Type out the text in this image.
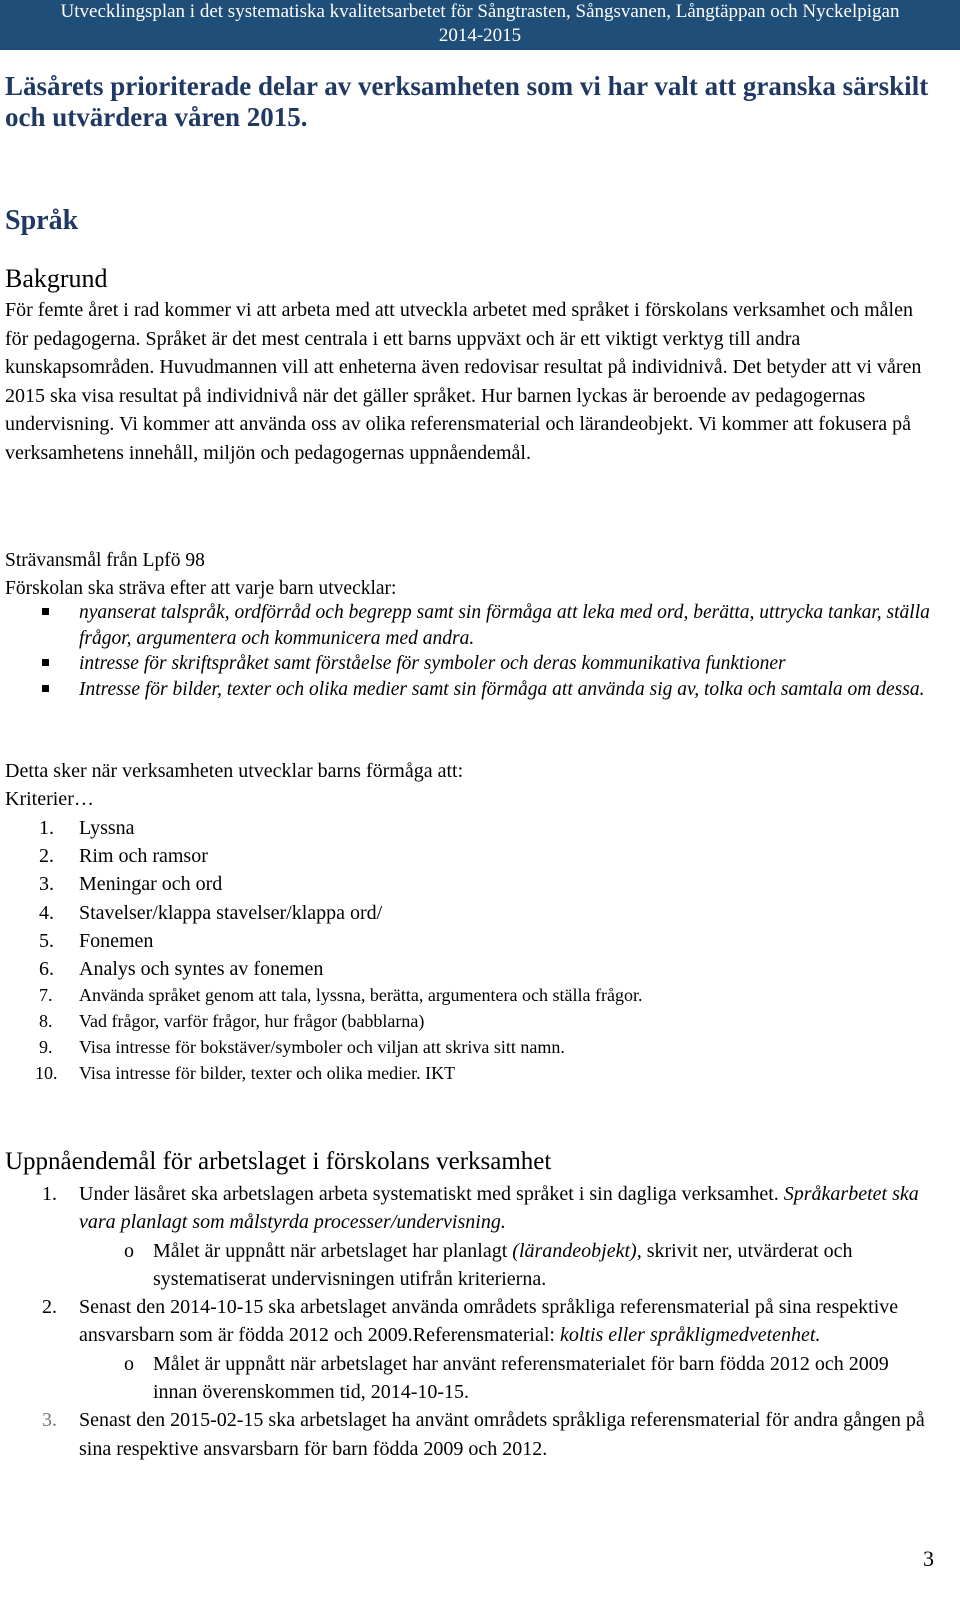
Utvecklingsplan i det systematiska kvalitetsarbetet för Sångtrasten, Sångsvanen, Långtäppan och Nyckelpigan
2014-2015
Läsårets prioriterade delar av verksamheten som vi har valt att granska särskilt och utvärdera våren 2015.
Språk
Bakgrund
För femte året i rad kommer vi att arbeta med att utveckla arbetet med språket i förskolans verksamhet och målen för pedagogerna. Språket är det mest centrala i ett barns uppväxt och är ett viktigt verktyg till andra kunskapsområden. Huvudmannen vill att enheterna även redovisar resultat på individnivå. Det betyder att vi våren 2015 ska visa resultat på individnivå när det gäller språket. Hur barnen lyckas är beroende av pedagogernas undervisning. Vi kommer att använda oss av olika referensmaterial och lärandeobjekt. Vi kommer att fokusera på verksamhetens innehåll, miljön och pedagogernas uppnåendemål.
Strävansmål från Lpfö 98
Förskolan ska sträva efter att varje barn utvecklar:
nyanserat talspråk, ordförråd och begrepp samt sin förmåga att leka med ord, berätta, uttrycka tankar, ställa frågor, argumentera och kommunicera med andra.
intresse för skriftspråket samt förståelse för symboler och deras kommunikativa funktioner
Intresse för bilder, texter och olika medier samt sin förmåga att använda sig av, tolka och samtala om dessa.
Detta sker när verksamheten utvecklar barns förmåga att:
Kriterier…
1. Lyssna
2. Rim och ramsor
3. Meningar och ord
4. Stavelser/klappa stavelser/klappa ord/
5. Fonemen
6. Analys och syntes av fonemen
7. Använda språket genom att tala, lyssna, berätta, argumentera och ställa frågor.
8. Vad frågor, varför frågor, hur frågor (babblarna)
9. Visa intresse för bokstäver/symboler och viljan att skriva sitt namn.
10. Visa intresse för bilder, texter och olika medier. IKT
Uppnåendemål för arbetslaget i förskolans verksamhet
1. Under läsåret ska arbetslagen arbeta systematiskt med språket i sin dagliga verksamhet. Språkarbetet ska vara planlagt som målstyrda processer/undervisning.
o Målet är uppnått när arbetslaget har planlagt (lärandeobjekt), skrivit ner, utvärderat och systematiserat undervisningen utifrån kriterierna.
2. Senast den 2014-10-15 ska arbetslaget använda områdets språkliga referensmaterial på sina respektive ansvarsbarn som är födda 2012 och 2009.Referensmaterial: koltis eller språkligmedvetenhet.
o Målet är uppnått när arbetslaget har använt referensmaterialet för barn födda 2012 och 2009 innan överenskommen tid, 2014-10-15.
3. Senast den 2015-02-15 ska arbetslaget ha använt områdets språkliga referensmaterial för andra gången på sina respektive ansvarsbarn för barn födda 2009 och 2012.
3
